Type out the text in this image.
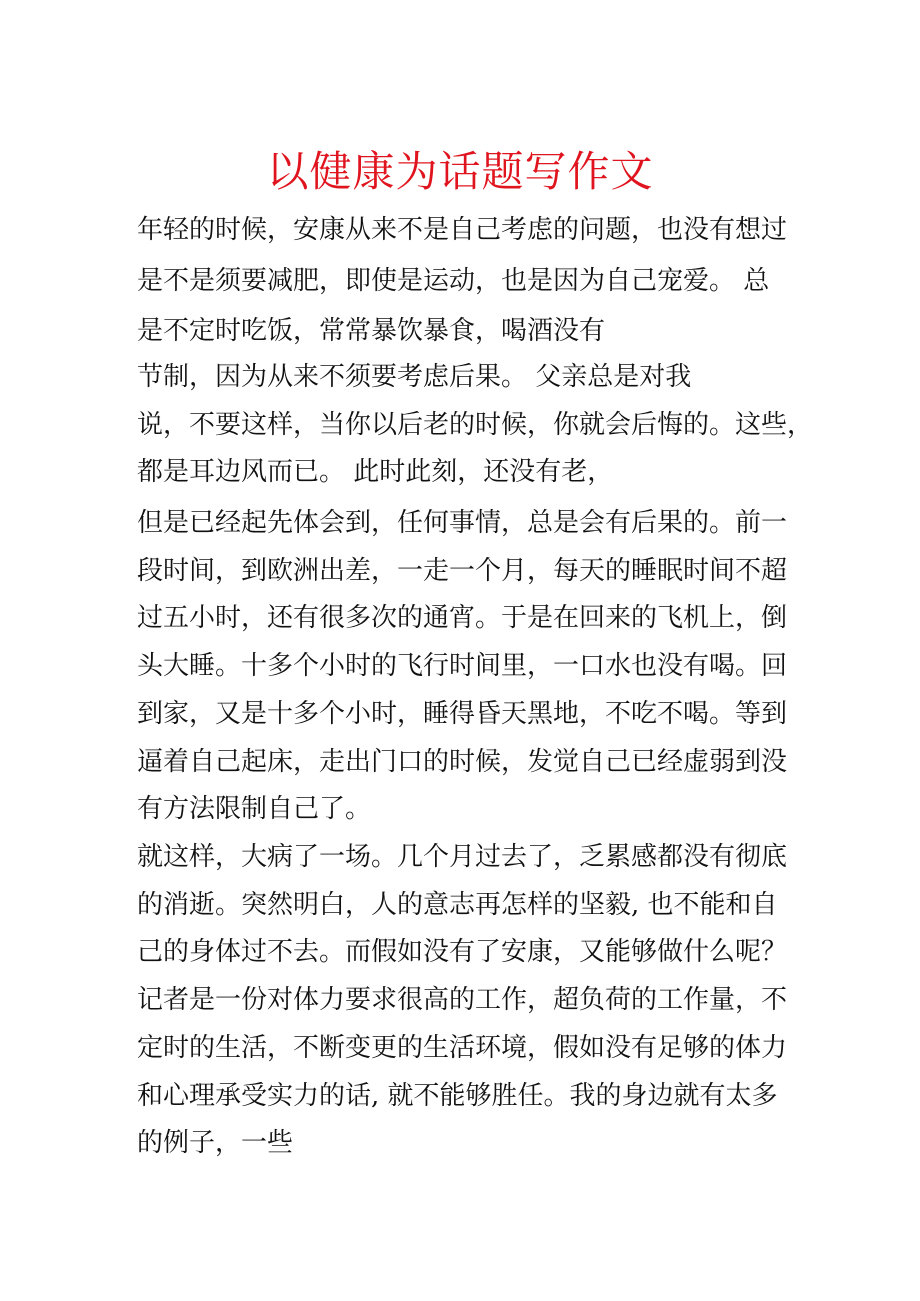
以健康为话题写作文
年轻的时候，安康从来不是自己考虑的问题，也没有想过
是不是须要减肥，即使是运动，也是因为自己宠爱。 总
是不定时吃饭，常常暴饮暴食，喝酒没有
节制，因为从来不须要考虑后果。 父亲总是对我
说，不要这样，当你以后老的时候，你就会后悔的。这些，
都是耳边风而已。 此时此刻，还没有老，
但是已经起先体会到，任何事情，总是会有后果的。前一
段时间，到欧洲出差，一走一个月，每天的睡眠时间不超
过五小时，还有很多次的通宵。于是在回来的飞机上，倒
头大睡。十多个小时的飞行时间里，一口水也没有喝。回
到家，又是十多个小时，睡得昏天黑地，不吃不喝。等到
逼着自己起床，走出门口的时候，发觉自己已经虚弱到没
有方法限制自己了。
就这样，大病了一场。几个月过去了，乏累感都没有彻底
的消逝。突然明白，人的意志再怎样的坚毅, 也不能和自
己的身体过不去。而假如没有了安康，又能够做什么呢？
记者是一份对体力要求很高的工作，超负荷的工作量，不
定时的生活，不断变更的生活环境，假如没有足够的体力
和心理承受实力的话, 就不能够胜任。我的身边就有太多
的例子，一些
